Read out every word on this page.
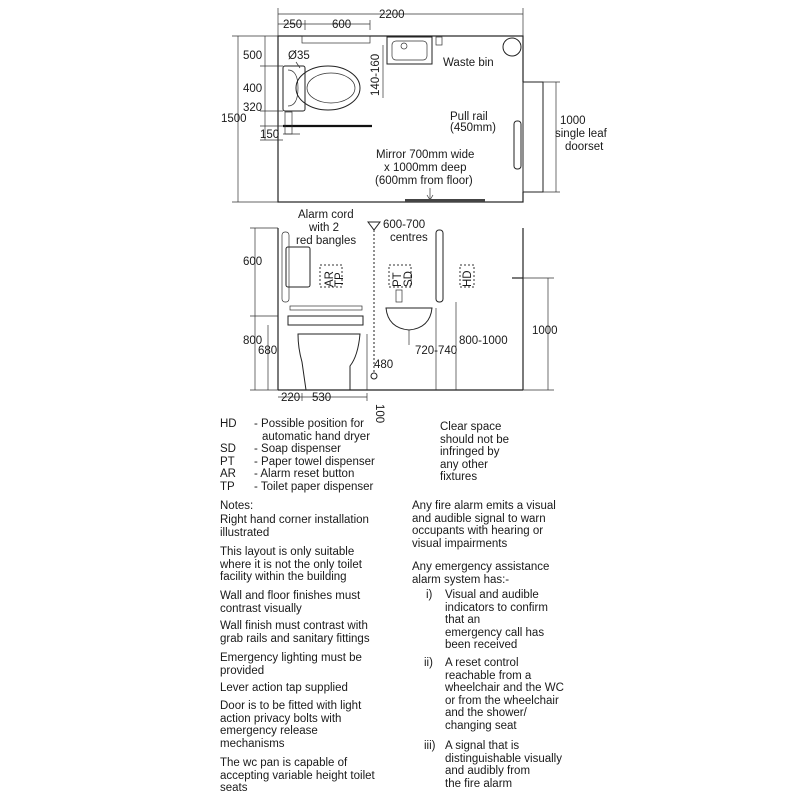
2200
250	600
Waste bin
Ø35	140-160
1500
500
400
320
150
Pull rail
(450mm)
1000
single leaf
doorset
Mirror 700mm wide
x 1000mm deep
(600mm from floor)
Alarm cord
with 2
red bangles
AR
TP	PT SD	HD
600-700
centres
600
800
680
480
720-740
800-1000
1000
220 530
100
HD	- Possible position for
automatic hand dryer
SD	- Soap dispenser
PT	- Paper towel dispenser
AR	- Alarm reset button
TP	- Toilet paper dispenser
Clear space
should not be
infringed by
any other
fixtures
Notes:
Right hand corner installation
illustrated
This layout is only suitable
where it is not the only toilet
facility within the building
Wall and floor finishes must
contrast visually
Wall finish must contrast with
grab rails and sanitary fittings
Emergency lighting must be
provided
Lever action tap supplied
Door is to be fitted with light
action privacy bolts with
emergency release
mechanisms
The wc pan is capable of
accepting variable height toilet
seats
Any fire alarm emits a visual
and audible signal to warn
occupants with hearing or
visual impairments
Any emergency assistance
alarm system has:-
i) Visual and audible
indicators to confirm
that an
emergency call has
been received
ii) A reset control
reachable from a
wheelchair and the WC
or from the wheelchair
and the shower/
changing seat
iii) A signal that is
distinguishable visually
and audibly from
the fire alarm
